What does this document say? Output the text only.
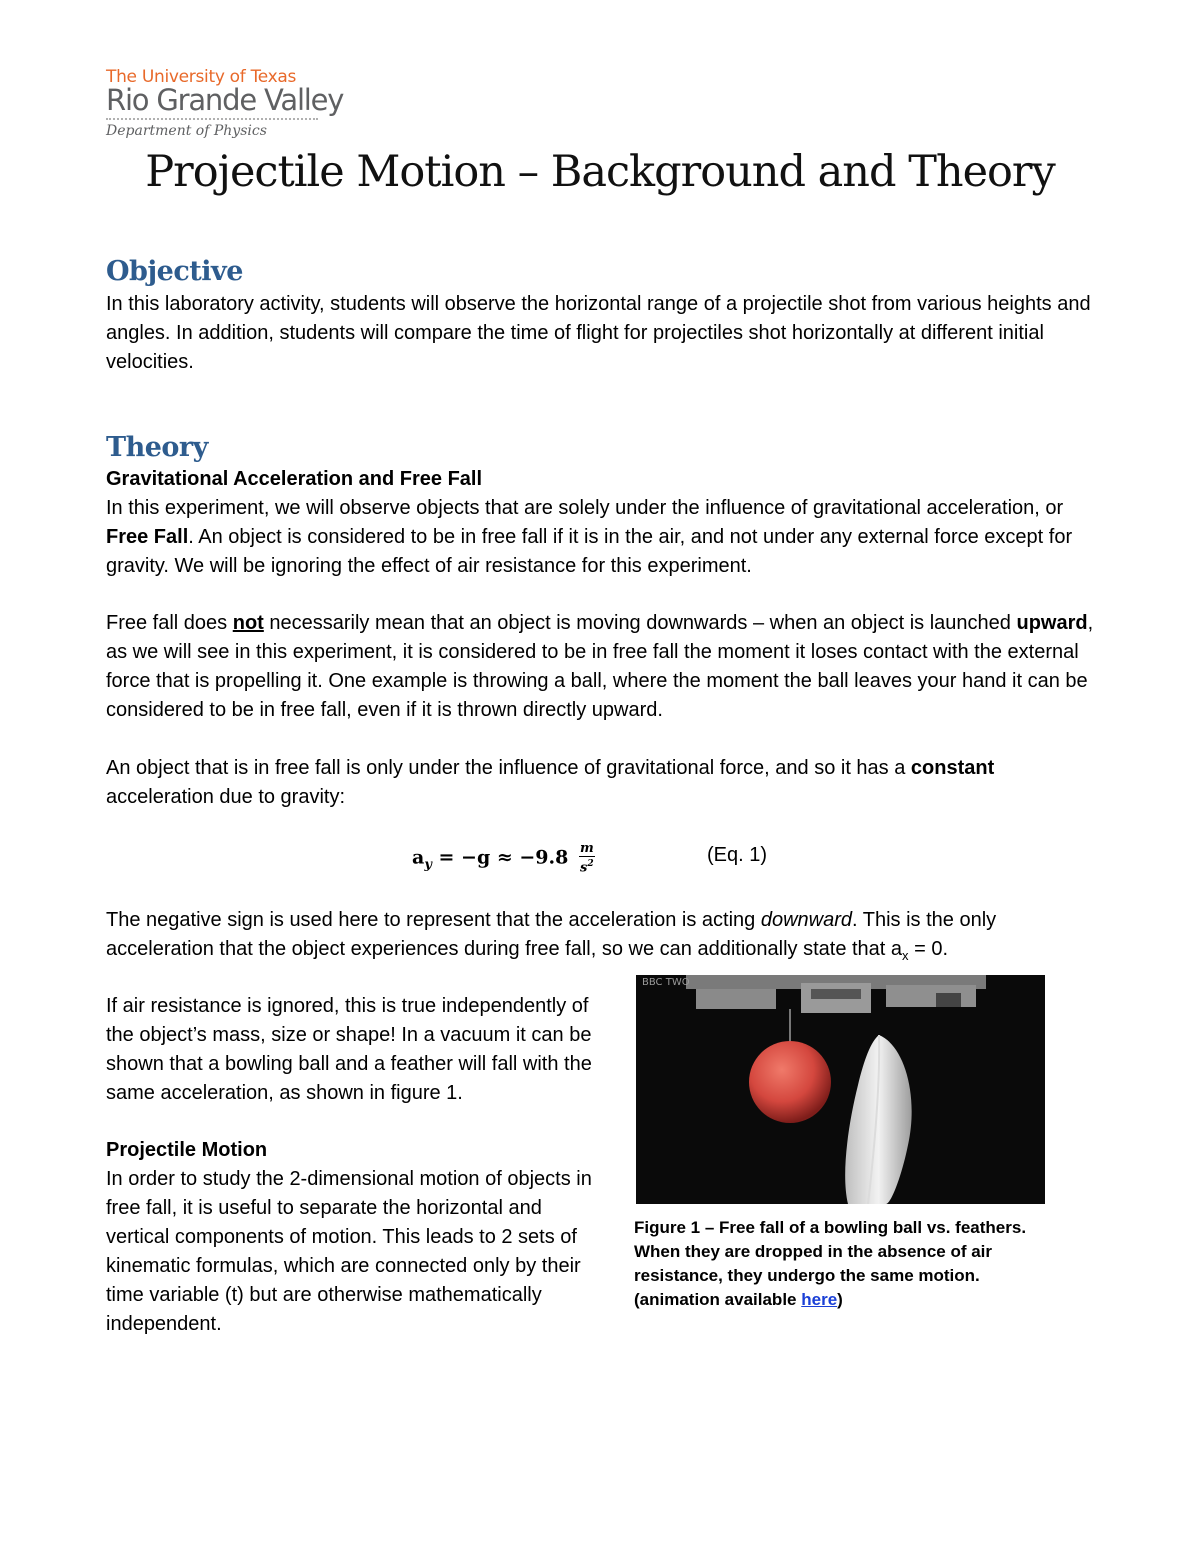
The University of Texas
Rio Grande Valley
Department of Physics
Projectile Motion – Background and Theory
Objective
In this laboratory activity, students will observe the horizontal range of a projectile shot from various heights and angles. In addition, students will compare the time of flight for projectiles shot horizontally at different initial velocities.
Theory
Gravitational Acceleration and Free Fall
In this experiment, we will observe objects that are solely under the influence of gravitational acceleration, or Free Fall. An object is considered to be in free fall if it is in the air, and not under any external force except for gravity. We will be ignoring the effect of air resistance for this experiment.
Free fall does not necessarily mean that an object is moving downwards – when an object is launched upward, as we will see in this experiment, it is considered to be in free fall the moment it loses contact with the external force that is propelling it. One example is throwing a ball, where the moment the ball leaves your hand it can be considered to be in free fall, even if it is thrown directly upward.
An object that is in free fall is only under the influence of gravitational force, and so it has a constant acceleration due to gravity:
$a_y = -g \approx -9.8 \frac{m}{s^2}$	(Eq. 1)
The negative sign is used here to represent that the acceleration is acting downward. This is the only acceleration that the object experiences during free fall, so we can additionally state that $a_x = 0$.
If air resistance is ignored, this is true independently of the object’s mass, size or shape! In a vacuum it can be shown that a bowling ball and a feather will fall with the same acceleration, as shown in figure 1.
Projectile Motion
In order to study the 2-dimensional motion of objects in free fall, it is useful to separate the horizontal and vertical components of motion. This leads to 2 sets of kinematic formulas, which are connected only by their time variable (t) but are otherwise mathematically independent.
BBC TWO
Figure 1 – Free fall of a bowling ball vs. feathers. When they are dropped in the absence of air resistance, they undergo the same motion. (animation available here)
